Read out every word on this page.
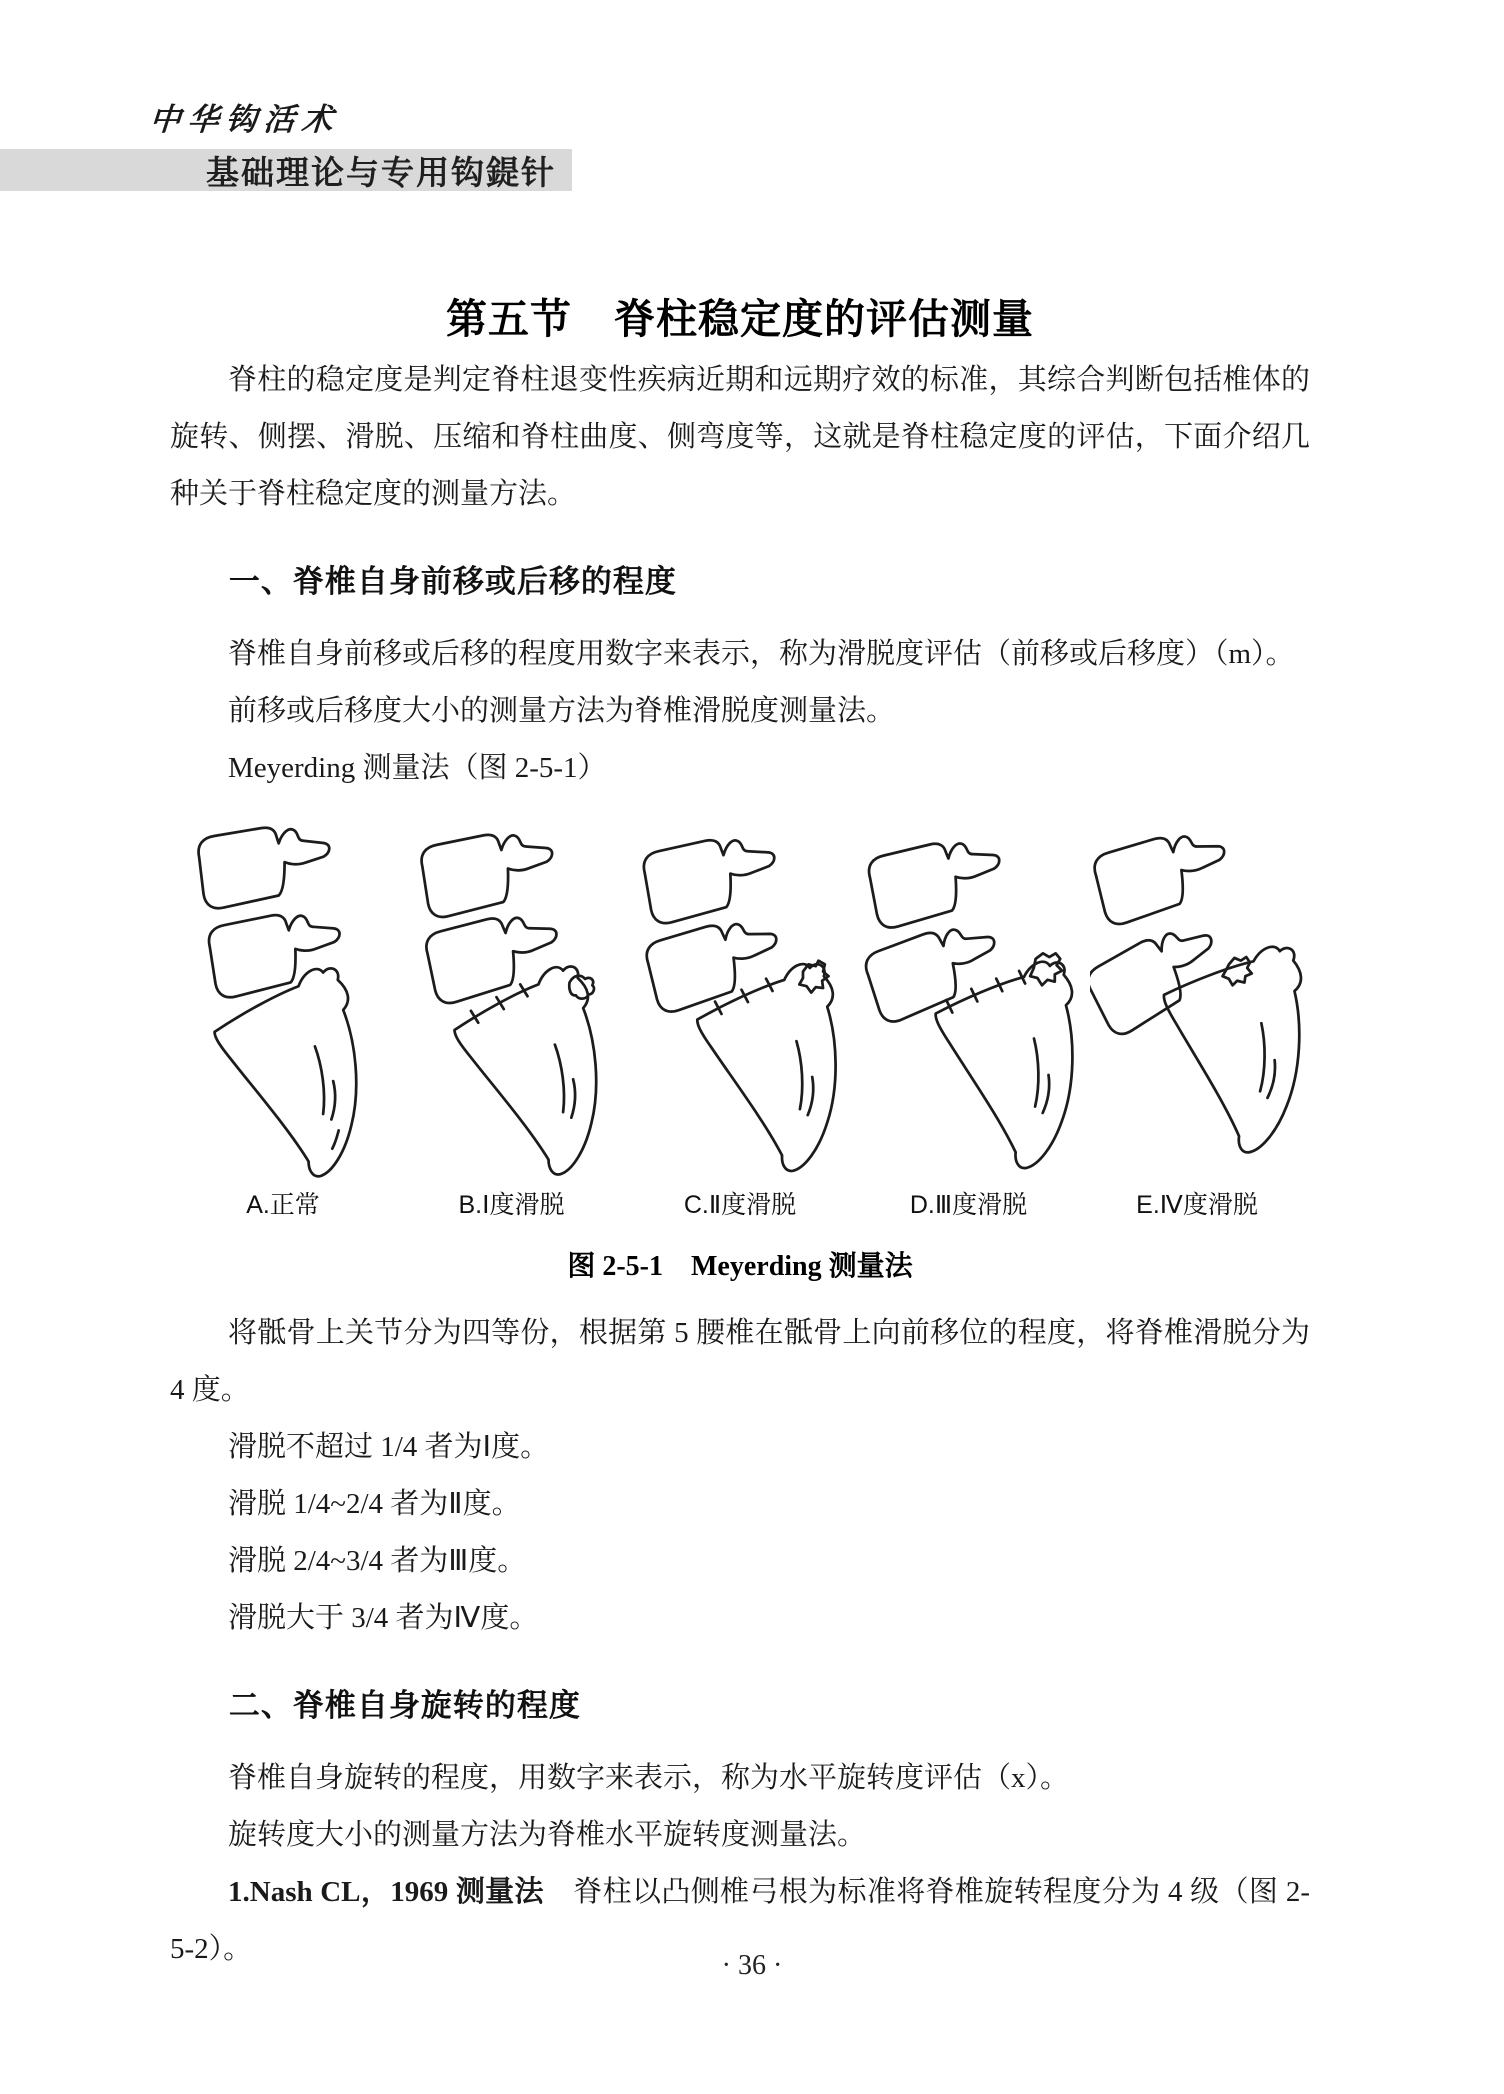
中华钩活术
基础理论与专用钩鍉针
第五节　脊柱稳定度的评估测量

脊柱的稳定度是判定脊柱退变性疾病近期和远期疗效的标准，其综合判断包括椎体的旋转、侧摆、滑脱、压缩和脊柱曲度、侧弯度等，这就是脊柱稳定度的评估，下面介绍几种关于脊柱稳定度的测量方法。

一、脊椎自身前移或后移的程度

脊椎自身前移或后移的程度用数字来表示，称为滑脱度评估（前移或后移度）（m）。

前移或后移度大小的测量方法为脊椎滑脱度测量法。

Meyerding 测量法（图 2-5-1）

A.正常	B.Ⅰ度滑脱	C.Ⅱ度滑脱	D.Ⅲ度滑脱	E.Ⅳ度滑脱
图 2-5-1　Meyerding 测量法

将骶骨上关节分为四等份，根据第 5 腰椎在骶骨上向前移位的程度，将脊椎滑脱分为 4 度。

滑脱不超过 1/4 者为Ⅰ度。

滑脱 1/4~2/4 者为Ⅱ度。

滑脱 2/4~3/4 者为Ⅲ度。

滑脱大于 3/4 者为Ⅳ度。

二、脊椎自身旋转的程度

脊椎自身旋转的程度，用数字来表示，称为水平旋转度评估（x）。

旋转度大小的测量方法为脊椎水平旋转度测量法。

1.Nash CL，1969 测量法　脊柱以凸侧椎弓根为标准将脊椎旋转程度分为 4 级（图 2-5-2）。

· 36 ·
